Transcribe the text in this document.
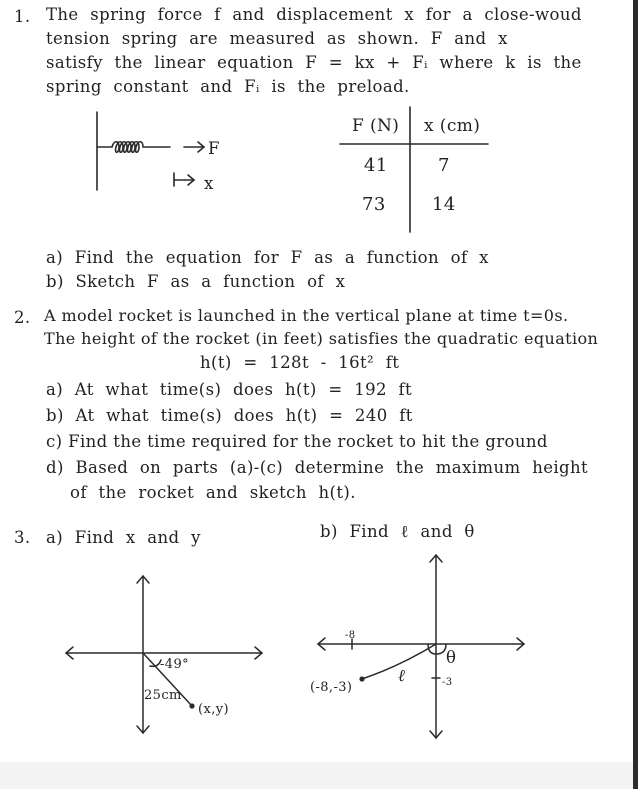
1. The spring force f and displacement x for a close-woud
tension spring are measured as shown. F and x
satisfy the linear equation F = kx + Fᵢ where k is the
spring constant and Fᵢ is the preload.
F
x
F (N) x (cm)
41	7
73	14
a) Find the equation for F as a function of x
b) Sketch F as a function of x
2. A model rocket is launched in the vertical plane at time t=0s.
The height of the rocket (in feet) satisfies the quadratic equation
h(t) = 128t - 16t² ft
a) At what time(s) does h(t) = 192 ft
b) At what time(s) does h(t) = 240 ft
c) Find the time required for the rocket to hit the ground
d) Based on parts (a)-(c) determine the maximum height
of the rocket and sketch h(t).
3. a) Find x and y	b) Find ℓ and θ
-49°
25cm
(x,y)
-8
-3
(-8,-3)
ℓ
θ
